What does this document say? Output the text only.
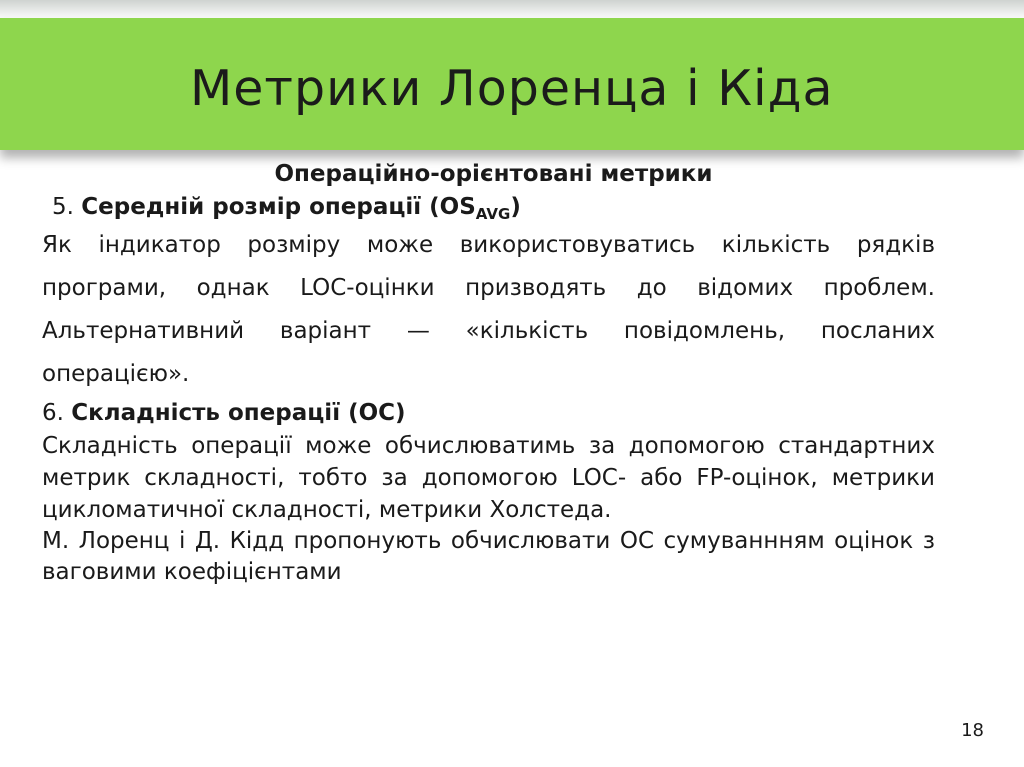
Метрики Лоренца і Кіда

Операційно-орієнтовані метрики

5. Середній розмір операції $(OS_{AVG})$

Як індикатор розміру може використовуватись кількість рядків програми, однак LOC-оцінки призводять до відомих проблем. Альтернативний варіант — «кількість повідомлень, посланих операцією».

6. Складність операції (OC)

Складність операції може обчислюватимь за допомогою стандартних метрик складності, тобто за допомогою LOC- або FP-оцінок, метрики цикломатичної складності, метрики Холстеда.

М. Лоренц і Д. Кідд пропонують обчислювати OC сумуваннням оцінок з ваговими коефіцієнтами

18
